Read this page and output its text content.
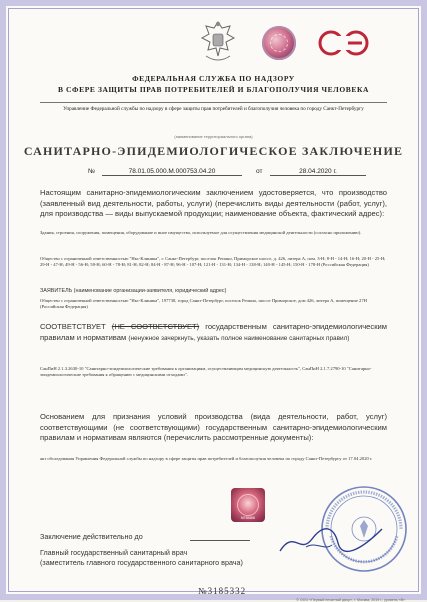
ФЕДЕРАЛЬНАЯ СЛУЖБА ПО НАДЗОРУ
В СФЕРЕ ЗАЩИТЫ ПРАВ ПОТРЕБИТЕЛЕЙ И БЛАГОПОЛУЧИЯ ЧЕЛОВЕКА
Управление Федеральной службы по надзору в сфере защиты прав потребителей и благополучия человека по городу Санкт-Петербургу
(наименование территориального органа)
САНИТАРНО-ЭПИДЕМИОЛОГИЧЕСКОЕ ЗАКЛЮЧЕНИЕ
№	78.01.05.000.М.000753.04.20	от	28.04.2020 г.
Настоящим санитарно-эпидемиологическим заключением удостоверяется, что производство (заявленный вид деятельности, работы, услуги) (перечислить виды деятельности (работ, услуг), для производства — виды выпускаемой продукции; наименование объекта, фактический адрес):
Здания, строения, сооружения, помещения, оборудование и иное имущество, используемое для осуществления медицинской деятельности (согласно приложению).
Общество с ограниченной ответственностью "Нкс-Клиника", г. Санкт-Петербург, поселок Репино, Приморское шоссе, д. 426, литера А, пом. 3-Н; 8-Н - 14-Н; 16-Н; 20-Н - 25-Н; 29-Н - 47-Н; 49-Н - 56-Н; 58-Н; 60-Н - 78-Н; 81-Н; 82-Н; 84-Н - 87-Н; 96-Н - 107-Н; 121-Н - 131-Н; 134-Н - 138-Н; 140-Н - 145-Н; 150-Н - 178-Н (Российская Федерация)
ЗАЯВИТЕЛЬ (наименование организации-заявителя, юридический адрес)
Общество с ограниченной ответственностью "Нкс-Клиника", 197738, город Санкт-Петербург, поселок Репино, шоссе Приморское, дом 426, литера А, помещение 27Н (Российская Федерация)
СООТВЕТСТВУЕТ (НЕ СООТВЕТСТВУЕТ) государственным санитарно-эпидемиологическим правилам и нормативам (ненужное зачеркнуть, указать полное наименование санитарных правил)
СанПиН 2.1.3.2630-10 "Санитарно-эпидемиологические требования к организациям, осуществляющим медицинскую деятельность", СанПиН 2.1.7.2790-10 "Санитарно-эпидемиологические требования к обращению с медицинскими отходами".
Основанием для признания условий производства (вида деятельности, работ, услуг) соответствующими (не соответствующими) государственным санитарно-эпидемиологическим правилам и нормативам являются (перечислить рассмотренные документы):
акт обследования Управления Федеральной службы по надзору в сфере защиты прав потребителей и благополучия человека по городу Санкт-Петербургу от 17.04.2020 г.
МГВ68Ж
Заключение действительно до
Главный государственный санитарный врач
(заместитель главного государственного санитарного врача)
№3185332
© ООО «Первый печатный двор», г. Москва, 2019 г., уровень «В»
